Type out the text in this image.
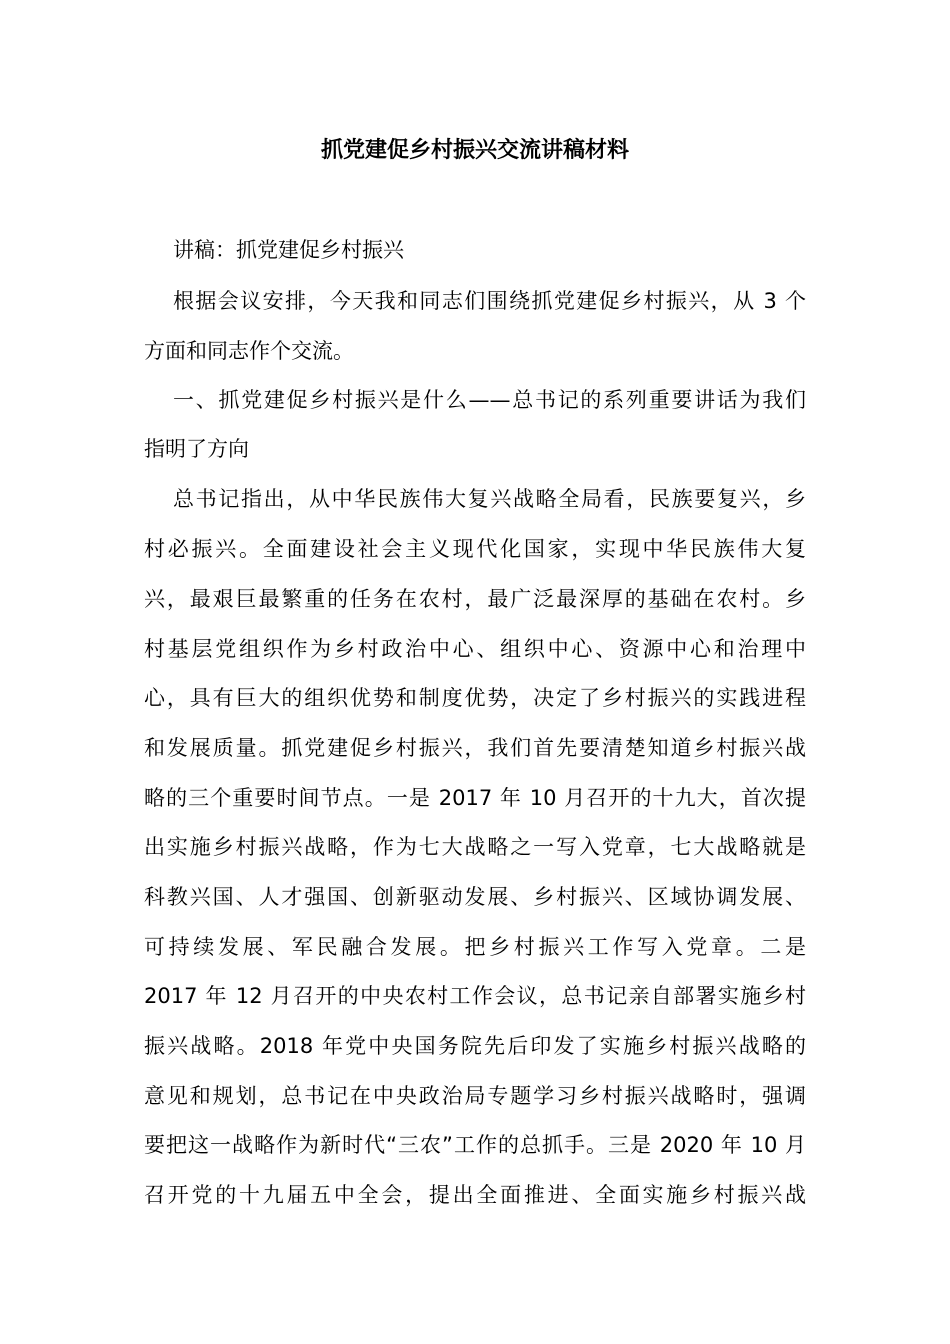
抓党建促乡村振兴交流讲稿材料

讲稿：抓党建促乡村振兴

根据会议安排，今天我和同志们围绕抓党建促乡村振兴，从 3 个

方面和同志作个交流。

一、抓党建促乡村振兴是什么——总书记的系列重要讲话为我们

指明了方向

总书记指出，从中华民族伟大复兴战略全局看，民族要复兴，乡

村必振兴。全面建设社会主义现代化国家，实现中华民族伟大复

兴，最艰巨最繁重的任务在农村，最广泛最深厚的基础在农村。乡

村基层党组织作为乡村政治中心、组织中心、资源中心和治理中

心，具有巨大的组织优势和制度优势，决定了乡村振兴的实践进程

和发展质量。抓党建促乡村振兴，我们首先要清楚知道乡村振兴战

略的三个重要时间节点。一是 2017 年 10 月召开的十九大，首次提

出实施乡村振兴战略，作为七大战略之一写入党章，七大战略就是

科教兴国、人才强国、创新驱动发展、乡村振兴、区域协调发展、

可持续发展、军民融合发展。把乡村振兴工作写入党章。二是

2017 年 12 月召开的中央农村工作会议，总书记亲自部署实施乡村

振兴战略。2018 年党中央国务院先后印发了实施乡村振兴战略的

意见和规划，总书记在中央政治局专题学习乡村振兴战略时，强调

要把这一战略作为新时代“三农”工作的总抓手。三是 2020 年 10 月

召开党的十九届五中全会，提出全面推进、全面实施乡村振兴战
